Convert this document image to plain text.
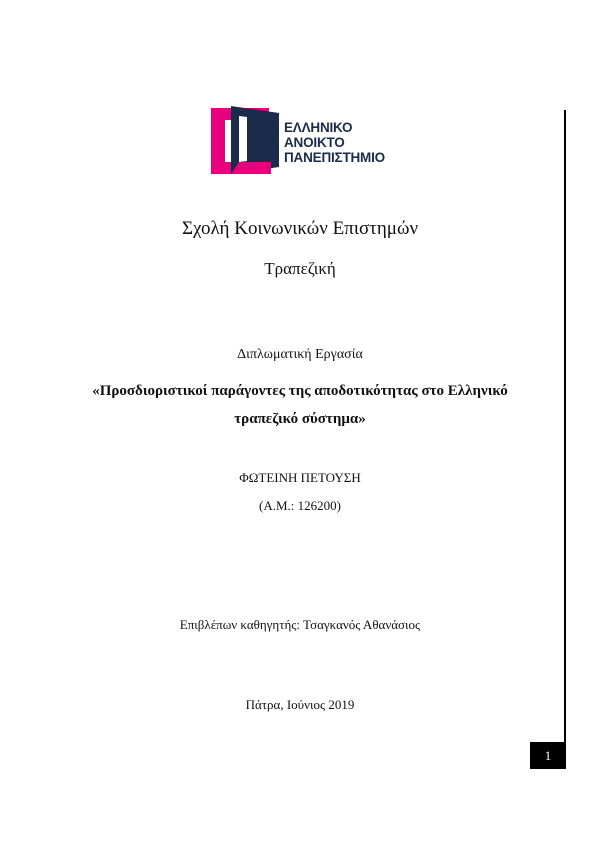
ΕΛΛΗΝΙΚΟ
ΑΝΟΙΚΤΟ
ΠΑΝΕΠΙΣΤΗΜΙΟ
Σχολή Κοινωνικών Επιστημών
Τραπεζική
Διπλωματική Εργασία
«Προσδιοριστικοί παράγοντες της αποδοτικότητας στο Ελληνικό
τραπεζικό σύστημα»
ΦΩΤΕΙΝΗ ΠΕΤΟΥΣΗ
(Α.Μ.: 126200)
Επιβλέπων καθηγητής: Τσαγκανός Αθανάσιος
Πάτρα, Ιούνιος 2019
1
